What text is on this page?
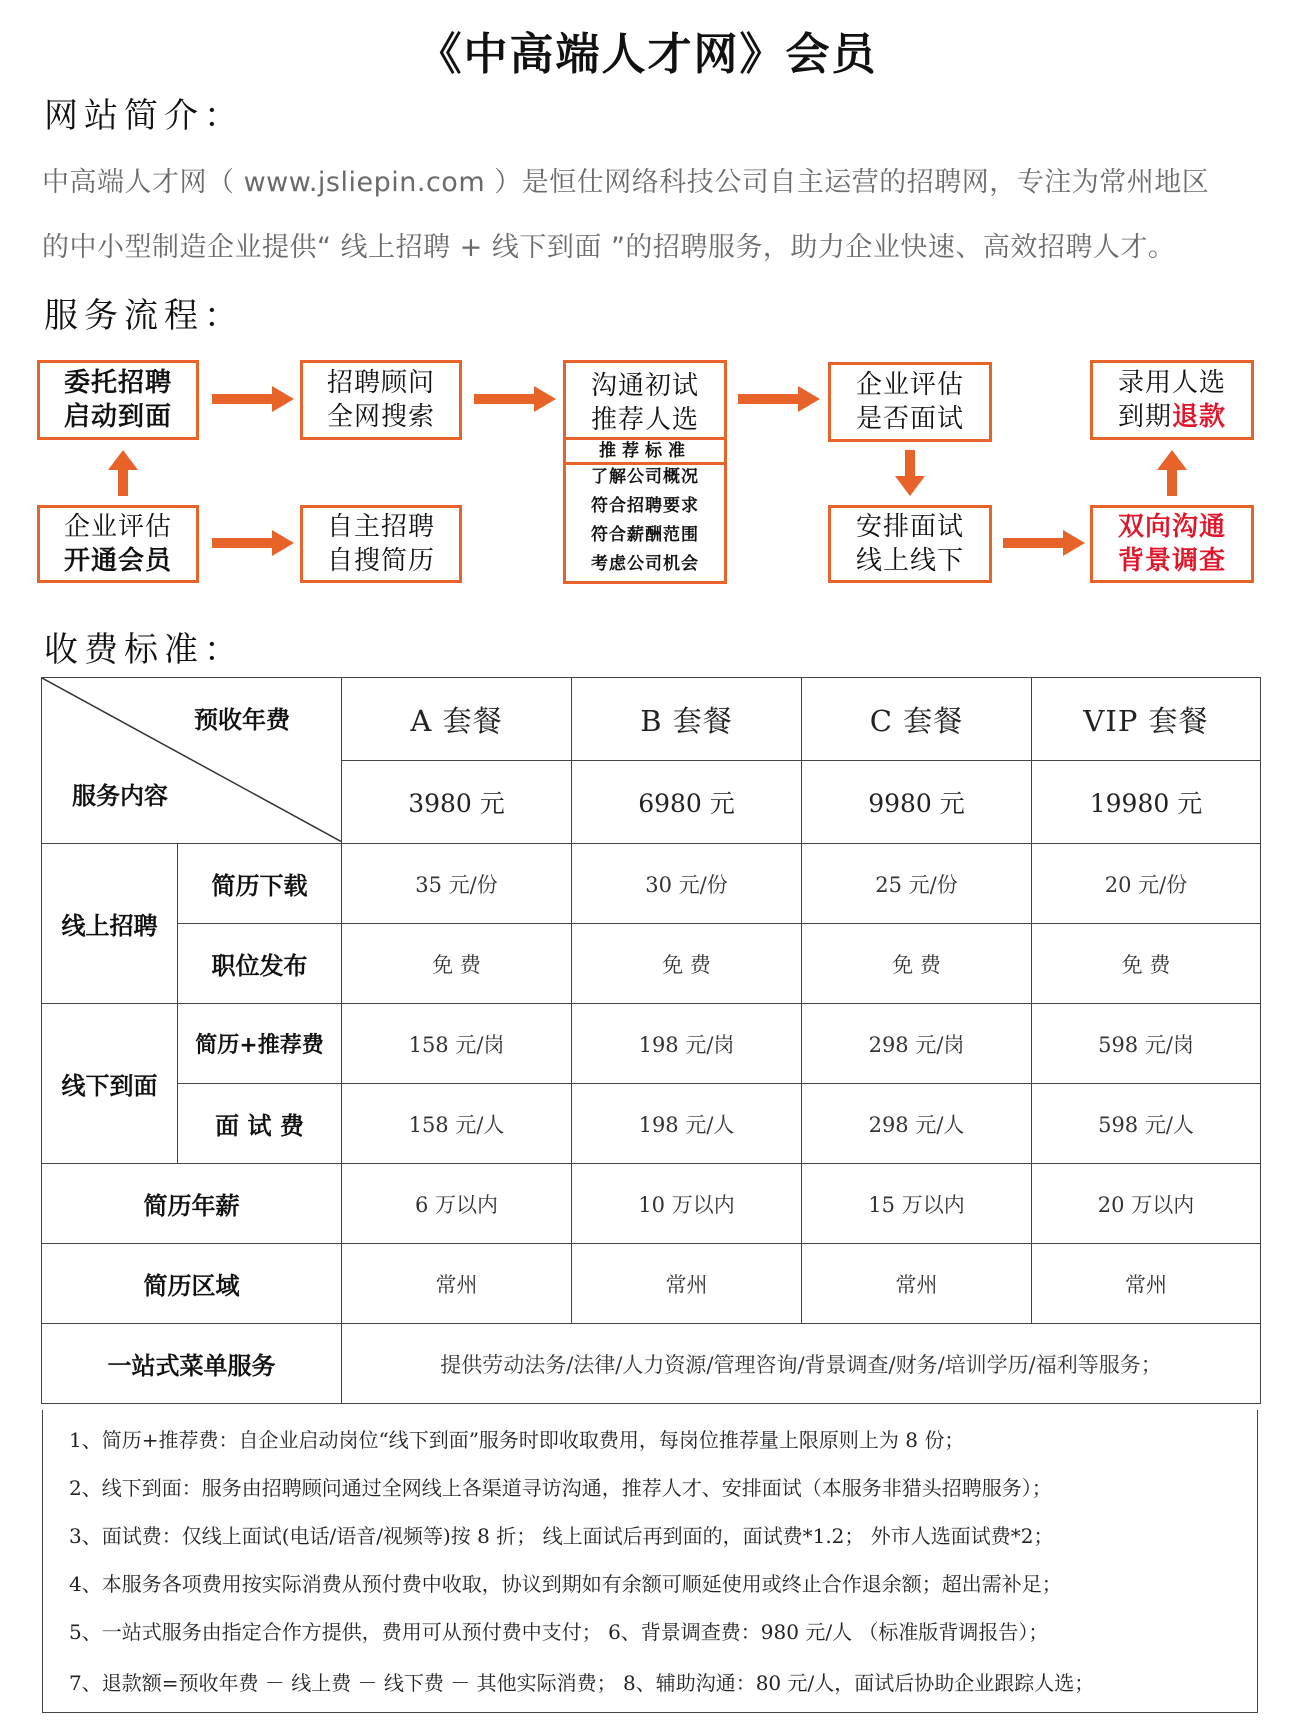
《中高端人才网》会员
网站简介：
中高端人才网（ www.jsliepin.com ）是恒仕网络科技公司自主运营的招聘网，专注为常州地区
的中小型制造企业提供“ 线上招聘 + 线下到面 ”的招聘服务，助力企业快速、高效招聘人才。
服务流程：
委托招聘
启动到面
企业评估
开通会员
招聘顾问
全网搜索
自主招聘
自搜简历
沟通初试
推荐人选
推荐标准
了解公司概况
符合招聘要求
符合薪酬范围
考虑公司机会
企业评估
是否面试
安排面试
线上线下
录用人选
到期退款
双向沟通
背景调查
收费标准：
预收年费
服务内容		A 套餐	B 套餐	C 套餐	VIP 套餐
		3980 元	6980 元	9980 元	19980 元
线上招聘	简历下载	35 元/份	30 元/份	25 元/份	20 元/份
	职位发布	免 费	免 费	免 费	免 费
线下到面	简历+推荐费	158 元/岗	198 元/岗	298 元/岗	598 元/岗
	面 试 费	158 元/人	198 元/人	298 元/人	598 元/人
简历年薪		6 万以内	10 万以内	15 万以内	20 万以内
简历区域		常州	常州	常州	常州
一站式菜单服务		提供劳动法务/法律/人力资源/管理咨询/背景调查/财务/培训学历/福利等服务；			
1、简历+推荐费：自企业启动岗位“线下到面”服务时即收取费用，每岗位推荐量上限原则上为 8 份；
2、线下到面：服务由招聘顾问通过全网线上各渠道寻访沟通，推荐人才、安排面试（本服务非猎头招聘服务）；
3、面试费：仅线上面试(电话/语音/视频等)按 8 折； 线上面试后再到面的，面试费*1.2； 外市人选面试费*2；
4、本服务各项费用按实际消费从预付费中收取，协议到期如有余额可顺延使用或终止合作退余额；超出需补足；
5、一站式服务由指定合作方提供，费用可从预付费中支付； 6、背景调查费：980 元/人 （标准版背调报告）；
7、退款额=预收年费 － 线上费 － 线下费 － 其他实际消费； 8、辅助沟通：80 元/人，面试后协助企业跟踪人选；
